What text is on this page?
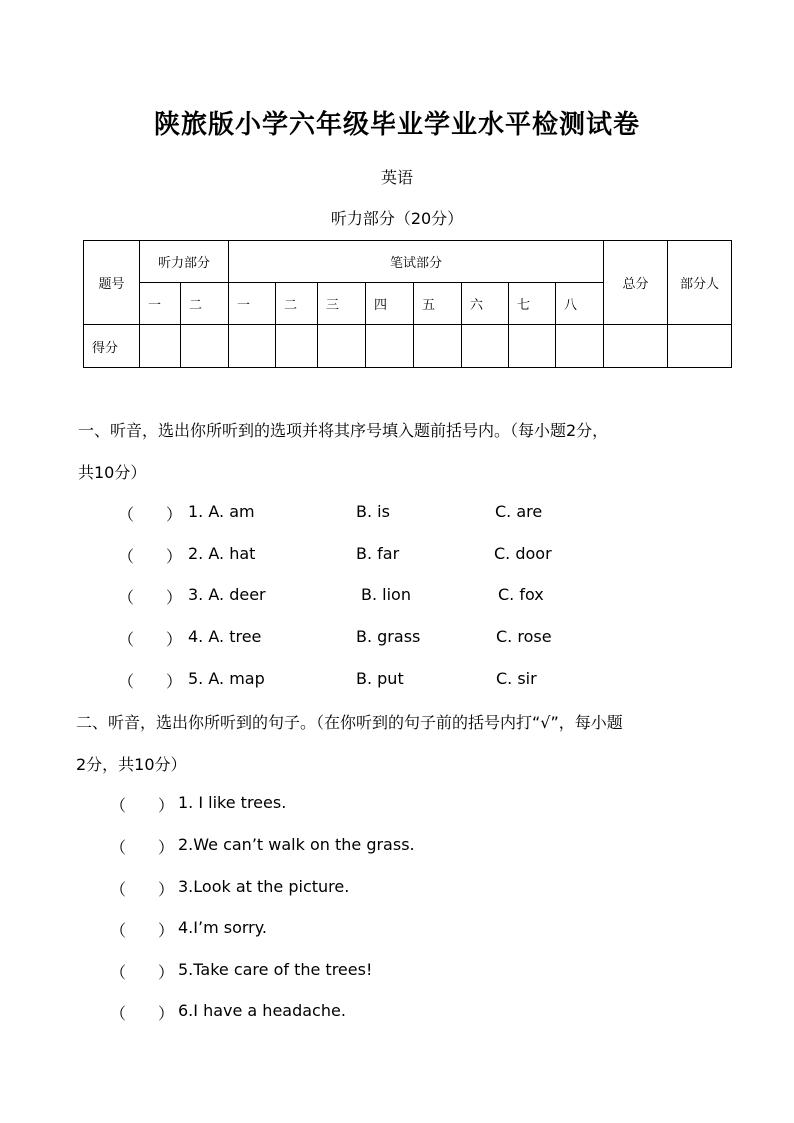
陕旅版小学六年级毕业学业水平检测试卷
英语
听力部分（20分）
题号	听力部分		笔试部分								总分	部分人
	一	二	一	二	三	四	五	六	七	八		
得分												
一、听音，选出你所听到的选项并将其序号填入题前括号内。（每小题2分，
共10分）
（　　） 1. A. am	B. is	C. are
（　　） 2. A. hat	B. far	C. door
（　　） 3. A. deer	B. lion	C. fox
（　　） 4. A. tree	B. grass	C. rose
（　　） 5. A. map	B. put	C. sir
二、听音，选出你所听到的句子。（在你听到的句子前的括号内打“√”，每小题
2分，共10分）
（　　） 1. I like trees.
（　　） 2.We can’t walk on the grass.
（　　） 3.Look at the picture.
（　　） 4.I’m sorry.
（　　） 5.Take care of the trees!
（　　） 6.I have a headache.
